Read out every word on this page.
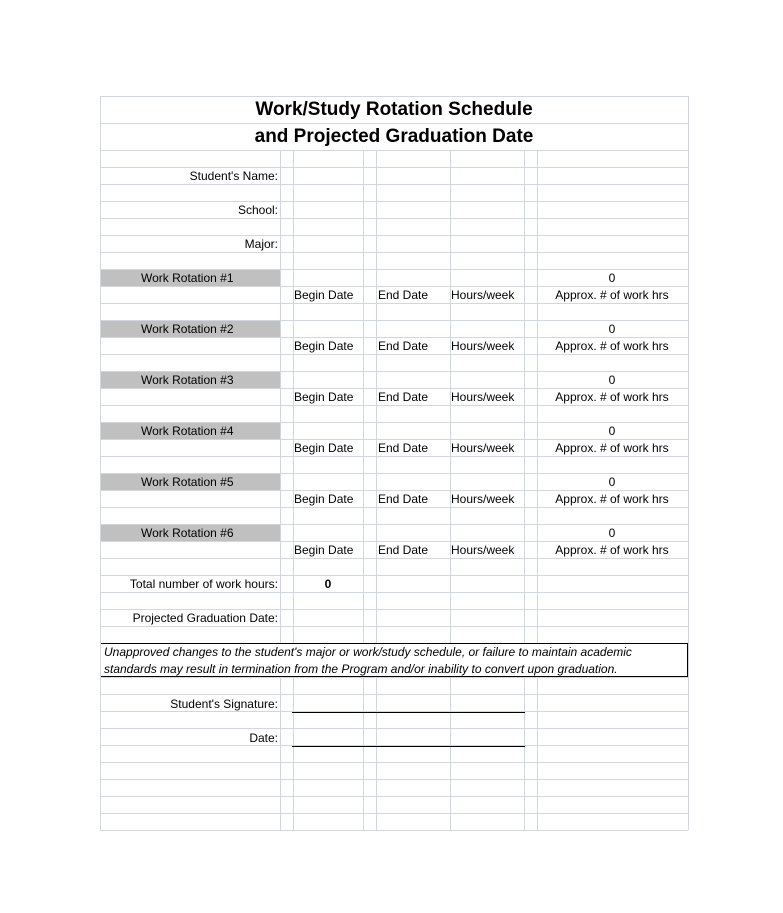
Work/Study Rotation Schedule
and Projected Graduation Date
Student's Name:
School:
Major:
Work Rotation #1	0
Begin Date	End Date	Hours/week	Approx. # of work hrs
Work Rotation #2	0
Begin Date	End Date	Hours/week	Approx. # of work hrs
Work Rotation #3	0
Begin Date	End Date	Hours/week	Approx. # of work hrs
Work Rotation #4	0
Begin Date	End Date	Hours/week	Approx. # of work hrs
Work Rotation #5	0
Begin Date	End Date	Hours/week	Approx. # of work hrs
Work Rotation #6	0
Begin Date	End Date	Hours/week	Approx. # of work hrs
Total number of work hours:	0
Projected Graduation Date:
Unapproved changes to the student's major or work/study schedule, or failure to maintain academic
standards may result in termination from the Program and/or inability to convert upon graduation.
Student's Signature:
Date:
